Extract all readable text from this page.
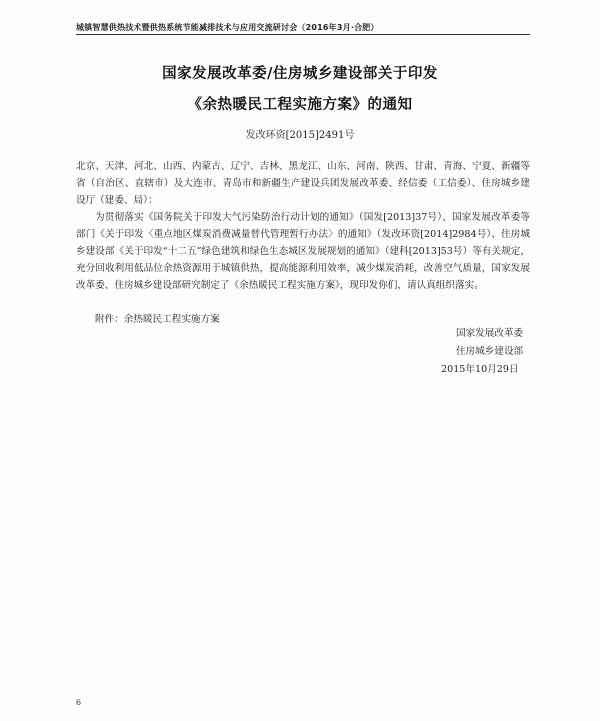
城镇智慧供热技术暨供热系统节能减排技术与应用交流研讨会（2016年3月·合肥）
国家发展改革委/住房城乡建设部关于印发
《余热暖民工程实施方案》的通知
发改环资[2015]2491号

北京、天津、河北、山西、内蒙古、辽宁、吉林、黑龙江、山东、河南、陕西、甘肃、青海、宁夏、新疆等省（自治区、直辖市）及大连市、青岛市和新疆生产建设兵团发展改革委、经信委（工信委）、住房城乡建设厅（建委、局）：

为贯彻落实《国务院关于印发大气污染防治行动计划的通知》（国发[2013]37号）、国家发展改革委等部门《关于印发〈重点地区煤炭消费减量替代管理暂行办法〉的通知》（发改环资[2014]2984号）、住房城乡建设部《关于印发“十二五”绿色建筑和绿色生态城区发展规划的通知》（建科[2013]53号）等有关规定，充分回收利用低品位余热资源用于城镇供热，提高能源利用效率，减少煤炭消耗，改善空气质量，国家发展改革委、住房城乡建设部研究制定了《余热暖民工程实施方案》，现印发你们，请认真组织落实。

附件：余热暖民工程实施方案

国家发展改革委
住房城乡建设部
2015年10月29日
6
